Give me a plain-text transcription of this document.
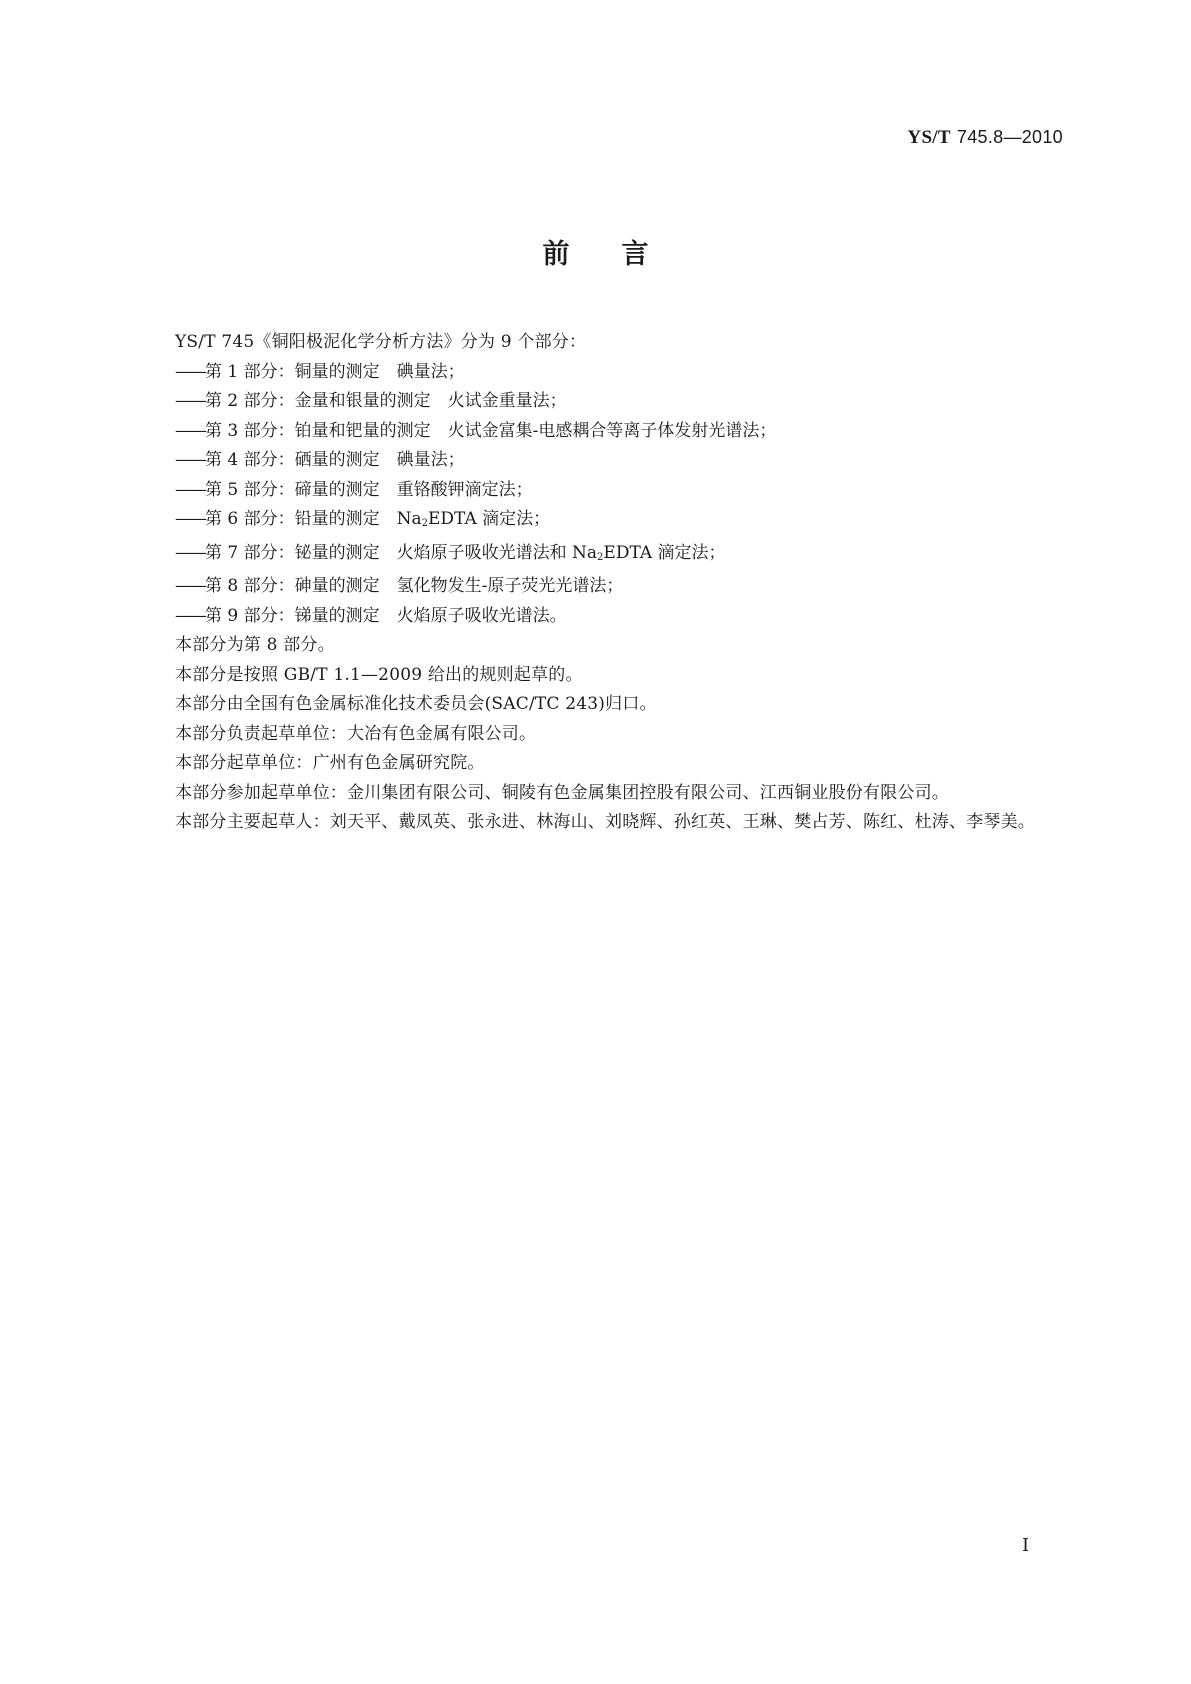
YS/T 745.8—2010
前言

YS/T 745《铜阳极泥化学分析方法》分为 9 个部分：

——第 1 部分：铜量的测定　 碘量法；

——第 2 部分：金量和银量的测定　 火试金重量法；

——第 3 部分：铂量和钯量的测定　 火试金富集-电感耦合等离子体发射光谱法；

——第 4 部分：硒量的测定　 碘量法；

——第 5 部分：碲量的测定　 重铬酸钾滴定法；

——第 6 部分：铅量的测定　 $Na_2EDTA$ 滴定法；

——第 7 部分：铋量的测定　 火焰原子吸收光谱法和 $Na_2EDTA$ 滴定法；

——第 8 部分：砷量的测定　 氢化物发生-原子荧光光谱法；

——第 9 部分：锑量的测定　 火焰原子吸收光谱法。

本部分为第 8 部分。

本部分是按照 GB/T 1.1—2009 给出的规则起草的。

本部分由全国有色金属标准化技术委员会(SAC/TC 243)归口。

本部分负责起草单位：大冶有色金属有限公司。

本部分起草单位：广州有色金属研究院。

本部分参加起草单位：金川集团有限公司、铜陵有色金属集团控股有限公司、江西铜业股份有限公司。

本部分主要起草人：刘天平、戴凤英、张永进、林海山、刘晓辉、孙红英、王琳、樊占芳、陈红、杜涛、李琴美。

I
